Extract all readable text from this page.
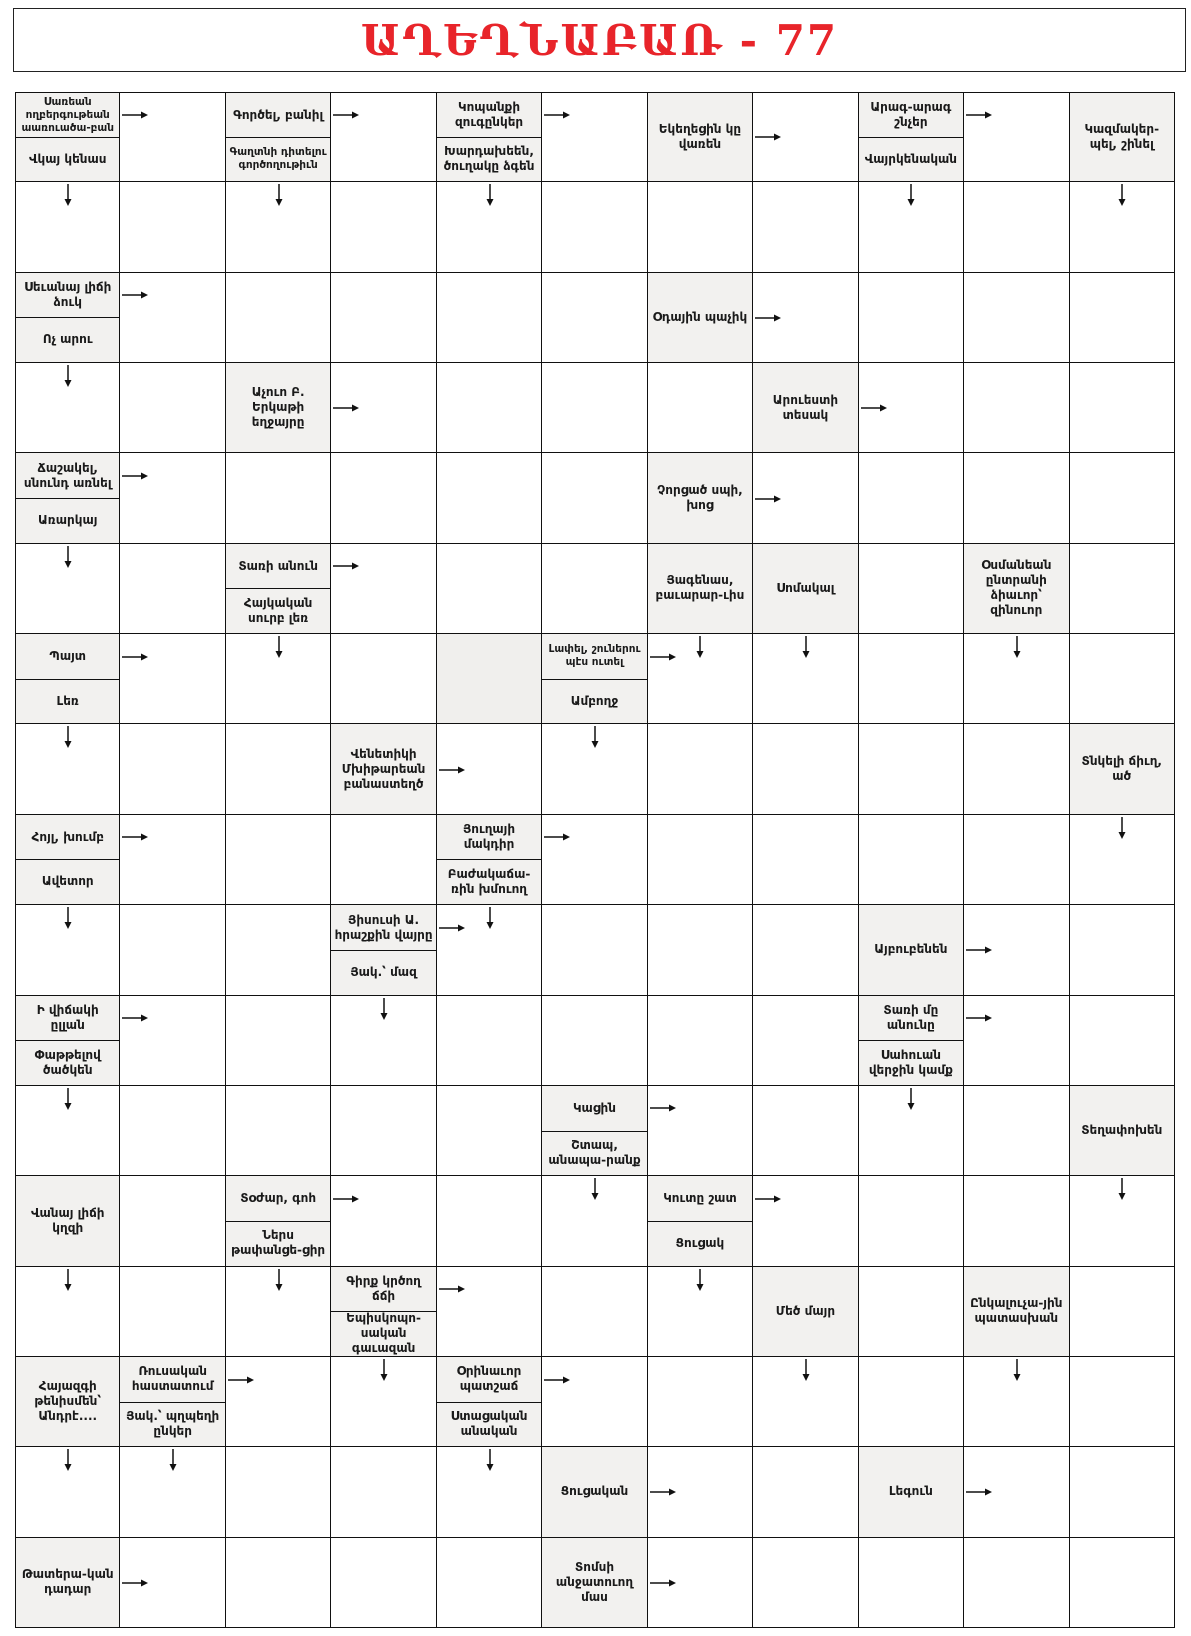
ԱՂԵՂՆԱԲԱՌ - 77
Սառեան ողբերգութեան աառուածա-բան
Վկայ կենաս
Գործել, բանիլ
Գաղտնի դիտելու գործողութիւն
Կոպանքի զուգընկեր
Խարդախեեն, ծուղակը ձգեն
Եկեղեցին կը վառեն
Արագ-արագ շնչեր
Վայրկենական
Կազմակեր-պել, շինել
Սեւանայ լիճի ձուկ
Ոչ արու
Օդային պաչիկ
Աչուո Բ. Երկաթի եղջայրը
Արուեստի տեսակ
Ճաշակել, սնունդ առնել
Առարկայ
Չորցած սպի, խոց
Տառի անուն
Հայկական սուրբ լեռ
Յագենաս, բաւարար-ւիս
Սոմակալ
Օսմանեան ընտրանի ձիաւոր՝ զինուոր
Պայտ
Լեռ
Լափել, շուներու պէս ուտել
Ամբողջ
Վենետիկի Մխիթարեան բանաստեղծ
Տնկելի ճիւղ, ած
Հոյլ, խումբ
Ավետոր
Յուղայի մակդիր
Բաժակաճա-ռին խմուող
Յիսուսի Ա. հրաշքին վայրը
Յակ.՝ մազ
Այբուբենեն
Ի վիճակի ըլլան
Փաթթելով ծածկեն
Տառի մը անունը
Սահուան վերջին կամք
Կացին
Շտապ, անապա-րանք
Տեղափոխեն
Վանայ լիճի կղզի
Տօժար, գոհ
Ներս թափանցե-ցիր
Կուտը շատ
Ցուցակ
Գիրք կրծող ճճի
Եպիսկոպո-սական գաւազան
Մեծ մայր
Ընկալուչա-յին պատասխան
Հայազգի թենիսմեն՝ Անդրէ....
Ռուսական հաստատում
Յակ.՝ պղպեղի ընկեր
Օրինաւոր պատշաճ
Ստացական անական
Ցուցական	Լեգուն
Թատերա-կան դադար
Տոմսի անջատուող մաս
